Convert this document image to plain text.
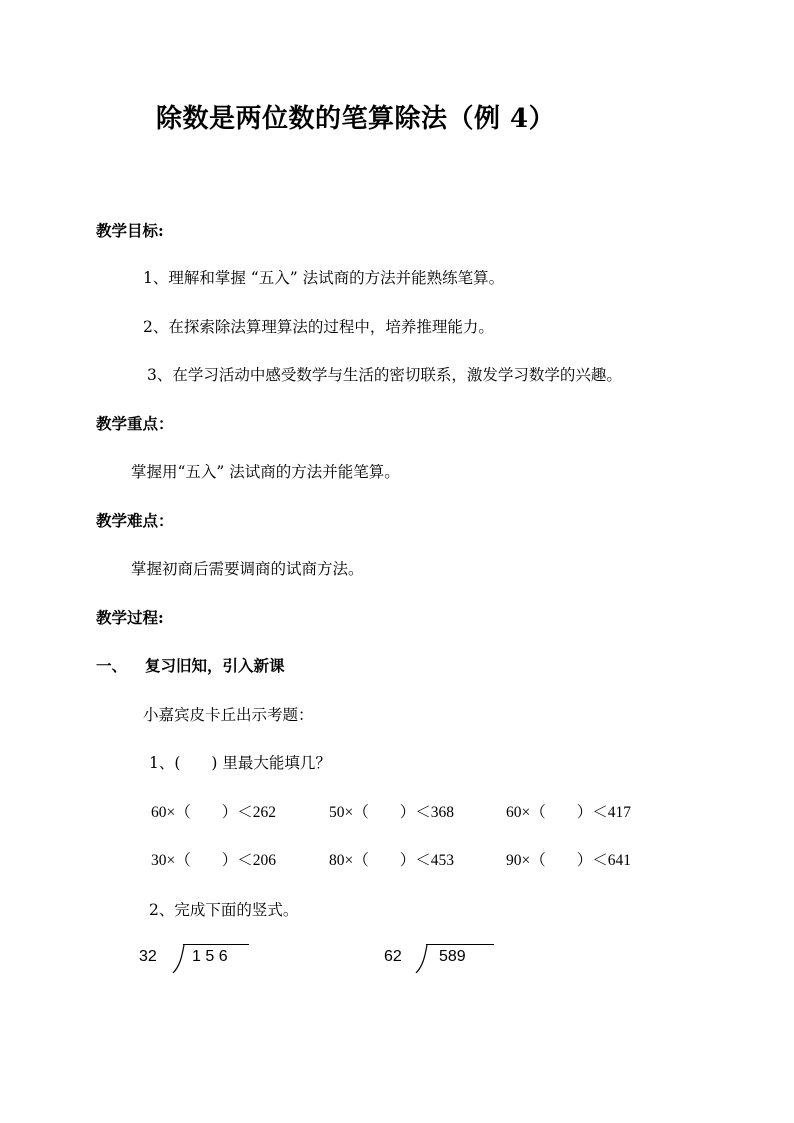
除数是两位数的笔算除法（例 4）
教学目标:
1、理解和掌握 “五入” 法试商的方法并能熟练笔算。
2、在探索除法算理算法的过程中，培养推理能力。
3、在学习活动中感受数学与生活的密切联系，激发学习数学的兴趣。
教学重点：
掌握用“五入” 法试商的方法并能笔算。
教学难点：
掌握初商后需要调商的试商方法。
教学过程:
一、 复习旧知，引入新课
小嘉宾皮卡丘出示考题：
1、(　　) 里最大能填几？
60×（　　）＜262	50×（　　）＜368	60×（　　）＜417
30×（　　）＜206	80×（　　）＜453	90×（　　）＜641
2、完成下面的竖式。
32 1 5 6	62 589
